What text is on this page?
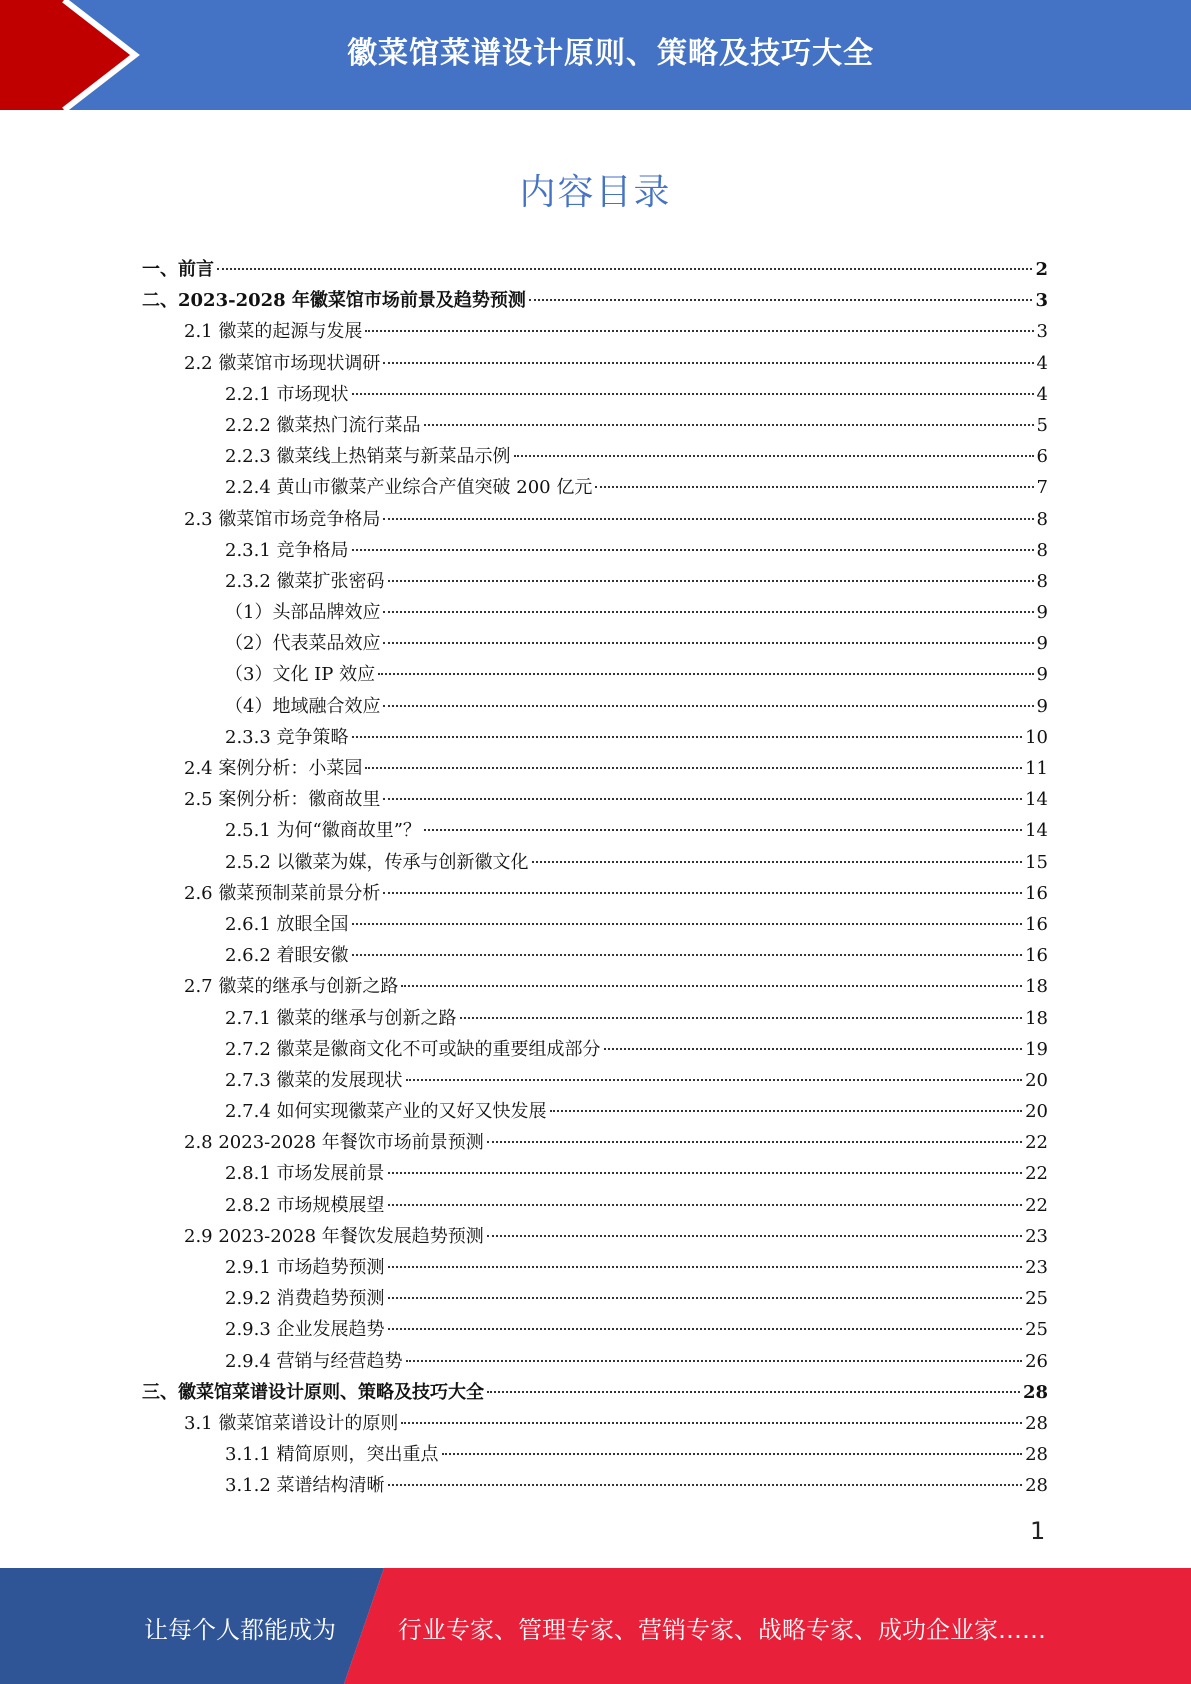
徽菜馆菜谱设计原则、策略及技巧大全
内容目录
一、前言	2
二、2023-2028 年徽菜馆市场前景及趋势预测	3
2.1 徽菜的起源与发展	3
2.2 徽菜馆市场现状调研	4
2.2.1 市场现状	4
2.2.2 徽菜热门流行菜品	5
2.2.3 徽菜线上热销菜与新菜品示例	6
2.2.4 黄山市徽菜产业综合产值突破 200 亿元	7
2.3 徽菜馆市场竞争格局	8
2.3.1 竞争格局	8
2.3.2 徽菜扩张密码	8
（1）头部品牌效应	9
（2）代表菜品效应	9
（3）文化 IP 效应	9
（4）地域融合效应	9
2.3.3 竞争策略	10
2.4 案例分析：小菜园	11
2.5 案例分析：徽商故里	14
2.5.1 为何“徽商故里”？	14
2.5.2 以徽菜为媒，传承与创新徽文化	15
2.6 徽菜预制菜前景分析	16
2.6.1 放眼全国	16
2.6.2 着眼安徽	16
2.7 徽菜的继承与创新之路	18
2.7.1 徽菜的继承与创新之路	18
2.7.2 徽菜是徽商文化不可或缺的重要组成部分	19
2.7.3 徽菜的发展现状	20
2.7.4 如何实现徽菜产业的又好又快发展	20
2.8 2023-2028 年餐饮市场前景预测	22
2.8.1 市场发展前景	22
2.8.2 市场规模展望	22
2.9 2023-2028 年餐饮发展趋势预测	23
2.9.1 市场趋势预测	23
2.9.2 消费趋势预测	25
2.9.3 企业发展趋势	25
2.9.4 营销与经营趋势	26
三、徽菜馆菜谱设计原则、策略及技巧大全	28
3.1 徽菜馆菜谱设计的原则	28
3.1.1 精简原则，突出重点	28
3.1.2 菜谱结构清晰	28
1
让每个人都能成为	行业专家、管理专家、营销专家、战略专家、成功企业家……
